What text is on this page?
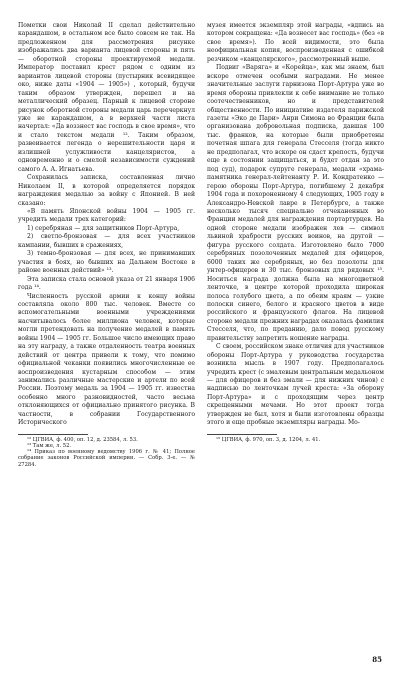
Пометки свои Николай II сделал действительно карандашом, в остальном все было совсем не так. На предложенном для рассмотрения рисунке изображались два варианта лицевой стороны и пять — оборотной стороны проектируемой медали. Император поставил крест рядом с одним из вариантов лицевой стороны (пустырник всевидящее око, ниже даты «1904 — 1905») , который, будучи таким образом утвержден, перешел и на металлический образец. Парный к лицевой стороне рисунок оборотной стороны медали царь перечеркнул уже не карандашом, а в верхней части листа начертал: «Да воззнест вас господь в свое время», что и стало текстом медали ¹². Таким образом, развеивается легенда о нерешительности царя и излишней услужливости канцеляристов, а одновременно и о смелой независимости суждений самого А. А. Игнатьева.

Сохранилась записка, составленная лично Николаем II, в которой определяется порядок награждения медалью за войну с Японией. В ней сказано:

«В память Японской войны 1904 — 1905 гг. учредить медали трех категорий:

1) серебряная — для защитников Порт-Артура,

2) светло-бронзовая — для всех участников кампании, бывших в сражениях,

3) темно-бронзовая — для всех, не принимавших участия в боях, но бывших на Дальнем Востоке в районе военных действий» ¹³.

Эта записка стала основой указа от 21 января 1906 года ¹⁴.

Численность русской армии к концу войны составляла около 800 тыс. человек. Вместе со вспомогательными военными учреждениями насчитывалось более миллиона человек, которые могли претендовать на получение медалей в память войны 1904 — 1905 гг. Большое число имеющих право на эту награду, а также отдаленность театра военных действий от центра привели к тому, что помимо официальной чеканки появились многочисленные ее воспроизведения кустарным способом — этим занимались различные мастерские и артели по всей России. Поэтому медаль за 1904 — 1905 гг. известна особенно много разновидностей, часто весьма отклоняющихся от официально принятого рисунка. В частности, в собрании Государственного Исторического

¹² ЦГВИА, ф. 400, оп. 12, д. 23584, л. 53.

¹³ Там же, л. 52.

¹⁴ Приказ по военному ведомству 1906 г. № 41; Полное собрание законов Российской империи. — Собр. 3-е. — № 27284.

музея имеется экземпляр этой награды, «вдпись на котором сокращена: «Да вознесет вас господь» (без «в свое время»). По всей видимости, это была неофициальная копия, воспроизведенная с ошибкой резчиком «канцелярского», рассмотренный выше.

Подвиг «Варяга» и «Корейца», как мы знаем, был вскоре отмечен особыми наградами. Не менее значительные заслуги гарнизона Порт-Артура уже во время обороны привлекли к себе внимание не только соотечественников, но и представителей общественности. По инициативе издателя парижской газеты «Эко де Пари» Анри Симона во Франции была организована добровольная подписка, давшая 100 тыс. франков, на которые были приобретены почетная шпага для генерала Стесселя (тогда никто не предполагал, что вскоре он сдаст крепость, будучи еще в состоянии защищаться, и будет отдан за это под суд), подарок супруге генерала, медали «храма-памятника генерал-лейтенанту Р. И. Кондратенко — герою обороны Порт-Артура, погибшему 2 декабря 1904 года и похороненному 4 следующих, 1905 году в Александро-Невской лавре в Петербурге, а также несколько тысяч специально отчеканенных во Франции медалей для награждения портартурцев. На одной стороне медали изображен лев — символ львиной храбрости русских воинов, на другой — фигура русского солдата. Изготовлено было 7000 серебряных позолоченных медалей для офицеров, 6000 таких же серебряных, но без позолоты для унтер-офицеров и 30 тыс. бронзовых для рядовых ¹⁵. Носиться награда должна была на многоцветной ленточке, в центре которой проходила широкая полоса голубого цвета, а по обеим краям — узкие полоски синего, белого и красного цветов в виде российского и французского флагов. На лицевой стороне медали прежних наградах оказалась фамилия Стесселя, что, по преданию, дало повод русскому правительству запретить ношение награды.

С своем, российском знаке отличия для участников обороны Порт-Артура у руководства государства возникла мысль в 1907 году. Предполагалось учредить крест (с эмалевым центральным медальоном — для офицеров и без эмали — для нижних чинов) с надписью по ленточкам лучей креста: «За оборону Порт-Артура» и с проходящим через центр скрещенными мечами. Но этот проект тогда утвержден не был, хотя и были изготовлены образцы этого и еще пробные экземпляры награды. Мо-

¹⁵ ЦГВИА, ф. 970, оп. 3, д. 1204, л. 41.

85
